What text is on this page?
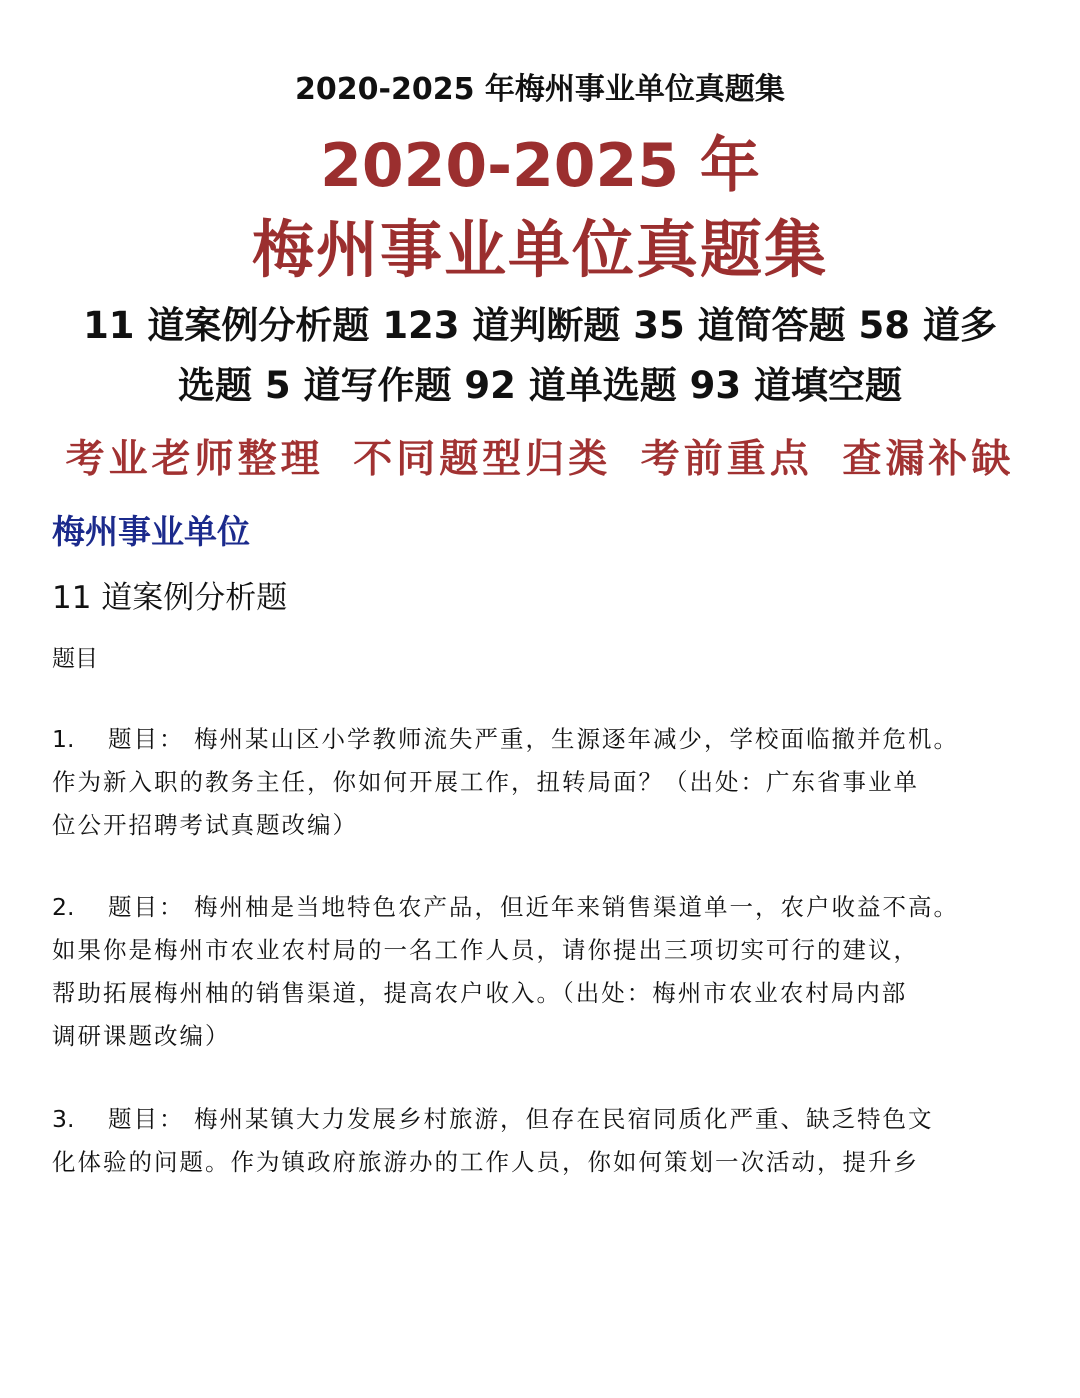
2020-2025 年梅州事业单位真题集
2020-2025 年
梅州事业单位真题集
11 道案例分析题 123 道判断题 35 道简答题 58 道多
选题 5 道写作题 92 道单选题 93 道填空题
考业老师整理 不同题型归类 考前重点 查漏补缺
梅州事业单位
11 道案例分析题
题目
1. 题目： 梅州某山区小学教师流失严重，生源逐年减少，学校面临撤并危机。
作为新入职的教务主任，你如何开展工作，扭转局面？（出处：广东省事业单
位公开招聘考试真题改编）
2. 题目： 梅州柚是当地特色农产品，但近年来销售渠道单一，农户收益不高。
如果你是梅州市农业农村局的一名工作人员，请你提出三项切实可行的建议，
帮助拓展梅州柚的销售渠道，提高农户收入。（出处：梅州市农业农村局内部
调研课题改编）
3. 题目： 梅州某镇大力发展乡村旅游，但存在民宿同质化严重、缺乏特色文
化体验的问题。作为镇政府旅游办的工作人员，你如何策划一次活动，提升乡
